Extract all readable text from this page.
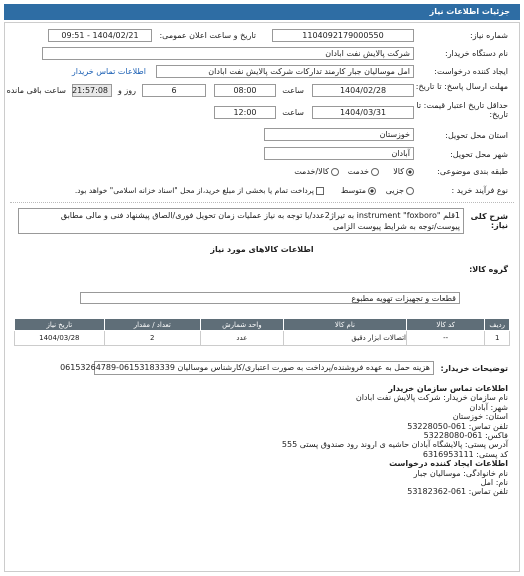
جزئیات اطلاعات نیاز
شماره نیاز:
1104092179000550
تاریخ و ساعت اعلان عمومی:
1404/02/21 - 09:51
نام دستگاه خریدار:
شرکت پالایش نفت ابادان
ایجاد کننده درخواست:
امل موسالیان جبار کارمند تدارکات شرکت پالایش نفت ابادان
اطلاعات تماس خریدار
مهلت ارسال پاسخ: تا تاریخ:
1404/02/28
ساعت
08:00
6
روز و
21:57:08
ساعت باقی مانده
حداقل تاریخ اعتبار قیمت: تا تاریخ:
1404/03/31
ساعت
12:00
استان محل تحویل:
خوزستان
شهر محل تحویل:
آبادان
طبقه بندی موضوعی:
کالا
خدمت
کالا/خدمت
نوع فرآیند خرید :
جزیی
متوسط
پرداخت تمام یا بخشی از مبلغ خرید،از محل "اسناد خزانه اسلامی" خواهد بود.
شرح کلی نیاز:
1قلم "instrument "foxboro به تیراژ2عدد/با توجه به نیاز عملیات زمان تحویل فوری/الصاق پیشنهاد فنی و مالی مطابق
پیوست/توجه به شرایط پیوست الزامی
اطلاعات کالاهای مورد نیاز
گروه کالا:
قطعات و تجهیزات تهویه مطبوع
ردیف	کد کالا	نام کالا	واحد شمارش	تعداد / مقدار	تاریخ نیاز
1	--	اتصالات ابزار دقیق	عدد	2	1404/03/28
توضیحات خریدار:
هزینه حمل به عهده فروشنده/پرداخت به صورت اعتباری/کارشناس موسالیان 06153183339-06153264789
اطلاعات تماس سازمان خریدار
نام سازمان خریدار: شرکت پالایش نفت ابادان
شهر: آبادان
استان: خوزستان
تلفن تماس: 061-53228050
فاکس: 061-53228080
آدرس پستی: پالایشگاه آبادان حاشیه ی اروند رود صندوق پستی 555
کد پستی: 6316953111
اطلاعات ایجاد کننده درخواست
نام خانوادگی: موسالیان جبار
نام: امل
تلفن تماس: 061-53182362
